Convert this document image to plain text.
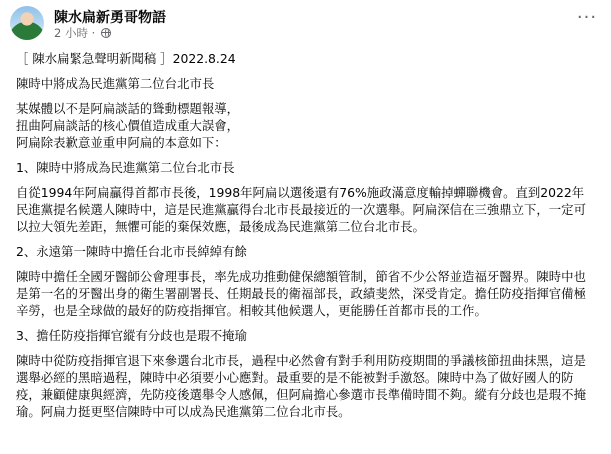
陳水扁新勇哥物語
2 小時 ·
···

［ 陳水扁緊急聲明新聞稿 ］2022.8.24

陳時中將成為民進黨第二位台北市長

某媒體以不是阿扁談話的聳動標題報導，

扭曲阿扁談話的核心價值造成重大誤會，

阿扁除表歉意並重申阿扁的本意如下：

1、陳時中將成為民進黨第二位台北市長

自從1994年阿扁贏得首都市長後，1998年阿扁以選後還有76%施政滿意度輸掉蟬聯機會。直到2022年民進黨提名候選人陳時中，這是民進黨贏得台北市長最接近的一次選舉。阿扁深信在三強鼎立下，一定可以拉大領先差距，無懼可能的棄保效應，最後成為民進黨第二位台北市長。

2、永遠第一陳時中擔任台北市長綽綽有餘

陳時中擔任全國牙醫師公會理事長，率先成功推動健保總額管制，節省不少公帑並造福牙醫界。陳時中也是第一名的牙醫出身的衛生署副署長、任期最長的衛福部長，政績斐然，深受肯定。擔任防疫指揮官備極辛勞，也是全球做的最好的防疫指揮官。相較其他候選人，更能勝任首都市長的工作。

3、擔任防疫指揮官縱有分歧也是瑕不掩瑜

陳時中從防疫指揮官退下來參選台北市長，過程中必然會有對手利用防疫期間的爭議核節扭曲抹黑，這是選舉必經的黑暗過程，陳時中必須要小心應對。最重要的是不能被對手激怒。陳時中為了做好國人的防疫，兼顧健康與經濟，先防疫後選舉令人感佩，但阿扁擔心參選市長準備時間不夠。縱有分歧也是瑕不掩瑜。阿扁力挺更堅信陳時中可以成為民進黨第二位台北市長。
